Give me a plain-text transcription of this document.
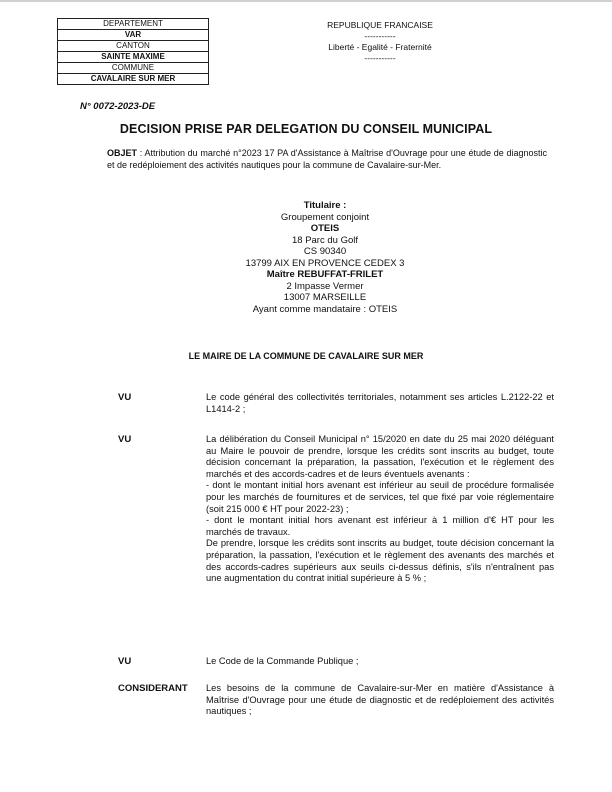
DEPARTEMENT
VAR
CANTON
SAINTE MAXIME
COMMUNE
CAVALAIRE SUR MER
REPUBLIQUE FRANCAISE
-----------
Liberté - Egalité - Fraternité
-----------
N° 0072-2023-DE
DECISION PRISE PAR DELEGATION DU CONSEIL MUNICIPAL
OBJET : Attribution du marché n°2023 17 PA d'Assistance à Maîtrise d'Ouvrage pour une étude de diagnostic et de redéploiement des activités nautiques pour la commune de Cavalaire-sur-Mer.
Titulaire :
Groupement conjoint
OTEIS
18 Parc du Golf
CS 90340
13799 AIX EN PROVENCE CEDEX 3
Maître REBUFFAT-FRILET
2 Impasse Vermer
13007 MARSEILLE
Ayant comme mandataire : OTEIS
LE MAIRE DE LA COMMUNE DE CAVALAIRE SUR MER
VU	Le code général des collectivités territoriales, notamment ses articles L.2122-22 et L1414-2 ;

VU	La délibération du Conseil Municipal n° 15/2020 en date du 25 mai 2020 déléguant au Maire le pouvoir de prendre, lorsque les crédits sont inscrits au budget, toute décision concernant la préparation, la passation, l'exécution et le règlement des marchés et des accords-cadres et de leurs éventuels avenants :

- dont le montant initial hors avenant est inférieur au seuil de procédure formalisée pour les marchés de fournitures et de services, tel que fixé par voie réglementaire (soit 215 000 € HT pour 2022-23) ;

- dont le montant initial hors avenant est inférieur à 1 million d'€ HT pour les marchés de travaux.

De prendre, lorsque les crédits sont inscrits au budget, toute décision concernant la préparation, la passation, l'exécution et le règlement des avenants des marchés et des accords-cadres supérieurs aux seuils ci-dessus définis, s'ils n'entraînent pas une augmentation du contrat initial supérieure à 5 % ;

VU	Le Code de la Commande Publique ;

CONSIDERANT Les besoins de la commune de Cavalaire-sur-Mer en matière d'Assistance à Maîtrise d'Ouvrage pour une étude de diagnostic et de redéploiement des activités nautiques ;
